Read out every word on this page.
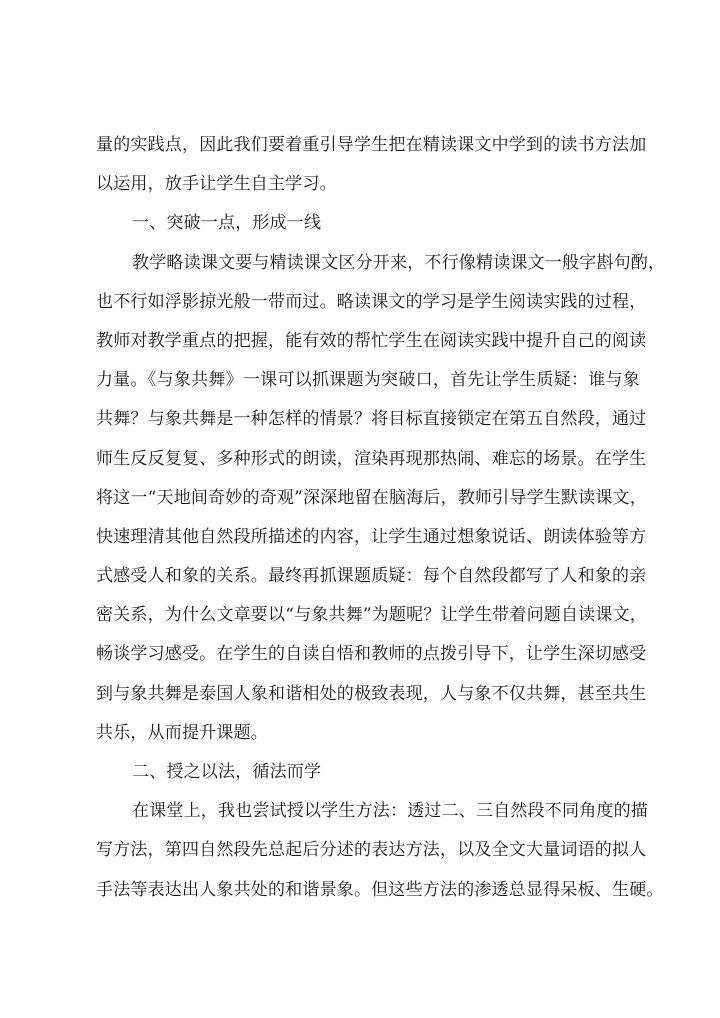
量的实践点，因此我们要着重引导学生把在精读课文中学到的读书方法加
以运用，放手让学生自主学习。
一、突破一点，形成一线
教学略读课文要与精读课文区分开来，不行像精读课文一般字斟句酌，
也不行如浮影掠光般一带而过。略读课文的学习是学生阅读实践的过程，
教师对教学重点的把握，能有效的帮忙学生在阅读实践中提升自己的阅读
力量。《与象共舞》一课可以抓课题为突破口，首先让学生质疑：谁与象
共舞？与象共舞是一种怎样的情景？将目标直接锁定在第五自然段，通过
师生反反复复、多种形式的朗读，渲染再现那热闹、难忘的场景。在学生
将这一“天地间奇妙的奇观”深深地留在脑海后，教师引导学生默读课文，
快速理清其他自然段所描述的内容，让学生通过想象说话、朗读体验等方
式感受人和象的关系。最终再抓课题质疑：每个自然段都写了人和象的亲
密关系，为什么文章要以“与象共舞”为题呢？让学生带着问题自读课文，
畅谈学习感受。在学生的自读自悟和教师的点拨引导下，让学生深切感受
到与象共舞是泰国人象和谐相处的极致表现，人与象不仅共舞，甚至共生
共乐，从而提升课题。
二、授之以法，循法而学
在课堂上，我也尝试授以学生方法：透过二、三自然段不同角度的描
写方法，第四自然段先总起后分述的表达方法，以及全文大量词语的拟人
手法等表达出人象共处的和谐景象。但这些方法的渗透总显得呆板、生硬。
